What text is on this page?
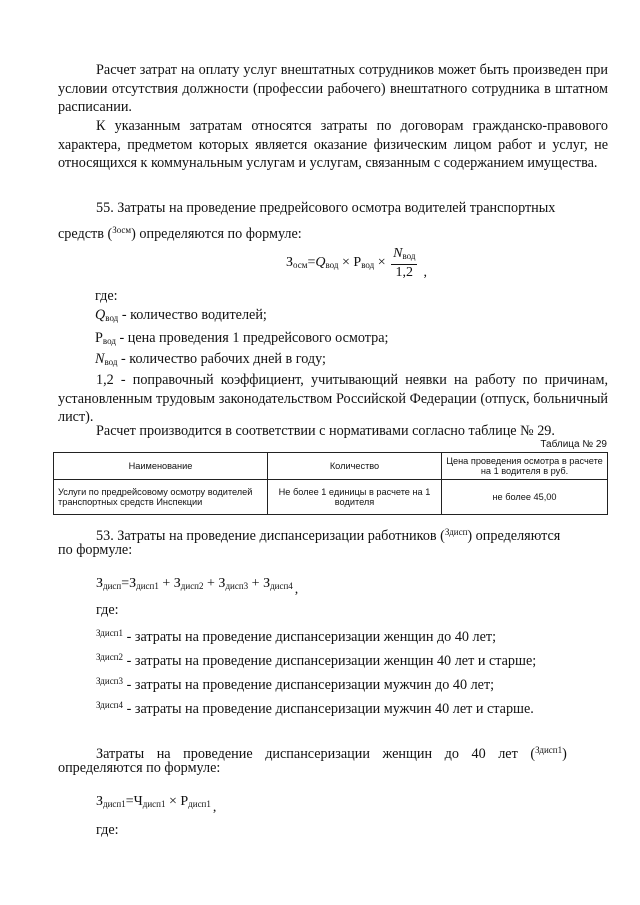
Расчет затрат на оплату услуг внештатных сотрудников может быть произведен при условии отсутствия должности (профессии рабочего) внештатного сотрудника в штатном расписании.
К указанным затратам относятся затраты по договорам гражданско-правового характера, предметом которых является оказание физическим лицом работ и услуг, не относящихся к коммунальным услугам и услугам, связанным с содержанием имущества.
55. Затраты на проведение предрейсового осмотра водителей транспортных
средств ($^{Зосм}$) определяются по формуле:
$З_{осм}=Q_{вод} \times Р_{вод} \times \frac{N_{вод}}{1,2}$ ,
где:
$Q_{вод}$ - количество водителей;
$Р_{вод}$ - цена проведения 1 предрейсового осмотра;
$N_{вод}$ - количество рабочих дней в году;
1,2 - поправочный коэффициент, учитывающий неявки на работу по причинам, установленным трудовым законодательством Российской Федерации (отпуск, больничный лист).
Расчет производится в соответствии с нормативами согласно таблице № 29.
Таблица № 29
Наименование	Количество	Цена проведения осмотра в расчете на 1 водителя в руб.
Услуги по предрейсовому осмотру водителей транспортных средств Инспекции	Не более 1 единицы в расчете на 1 водителя	не более 45,00
53. Затраты на проведение диспансеризации работников ($^{Здисп}$) определяются
по формуле:
$З_{дисп}=З_{дисп1} + З_{дисп2} + З_{дисп3} + З_{дисп4}$ ,
где:
$^{Здисп1}$ - затраты на проведение диспансеризации женщин до 40 лет;
$^{Здисп2}$ - затраты на проведение диспансеризации женщин 40 лет и старше;
$^{Здисп3}$ - затраты на проведение диспансеризации мужчин до 40 лет;
$^{Здисп4}$ - затраты на проведение диспансеризации мужчин 40 лет и старше.
Затраты на проведение диспансеризации женщин до 40 лет ($^{Здисп1}$)
определяются по формуле:
$З_{дисп1}=Ч_{дисп1} \times Р_{дисп1}$ ,
где:
